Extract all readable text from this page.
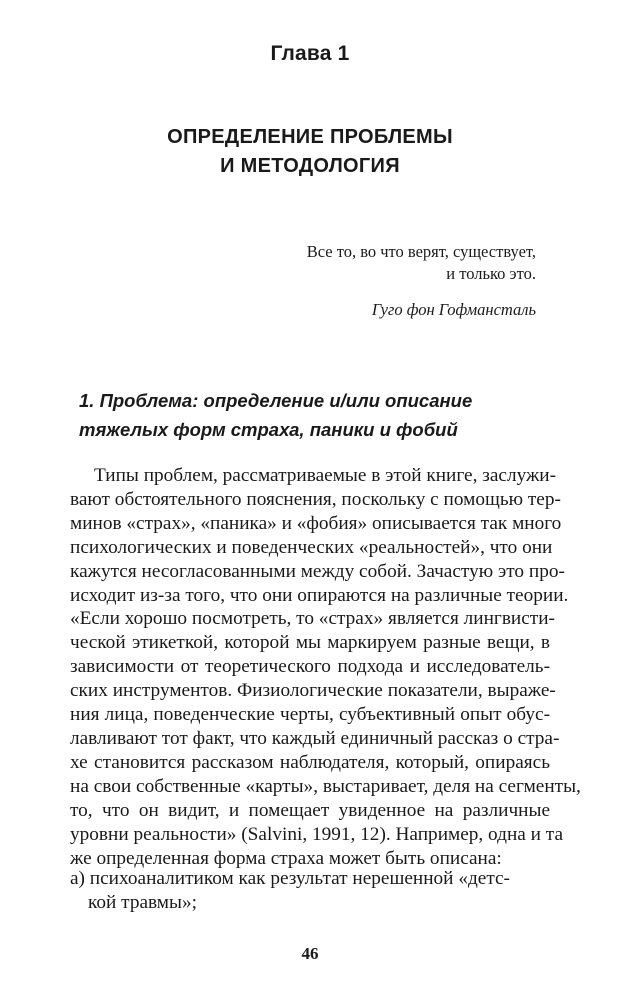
Глава 1
ОПРЕДЕЛЕНИЕ ПРОБЛЕМЫ
И МЕТОДОЛОГИЯ
Все то, во что верят, существует,
и только это.
Гуго фон Гофмансталь
1. Проблема: определение и/или описание
тяжелых форм страха, паники и фобий
Типы проблем, рассматриваемые в этой книге, заслужи-
вают обстоятельного пояснения, поскольку с помощью тер-
минов «страх», «паника» и «фобия» описывается так много
психологических и поведенческих «реальностей», что они
кажутся несогласованными между собой. Зачастую это про-
исходит из-за того, что они опираются на различные теории.
«Если хорошо посмотреть, то «страх» является лингвисти-
ческой этикеткой, которой мы маркируем разные вещи, в
зависимости от теоретического подхода и исследователь-
ских инструментов. Физиологические показатели, выраже-
ния лица, поведенческие черты, субъективный опыт обус-
лавливают тот факт, что каждый единичный рассказ о стра-
хе становится рассказом наблюдателя, который, опираясь
на свои собственные «карты», выстаривает, деля на сегменты,
то, что он видит, и помещает увиденное на различные
уровни реальности» (Salvini, 1991, 12). Например, одна и та
же определенная форма страха может быть описана:
а) психоаналитиком как результат нерешенной «детс-
кой травмы»;
46
